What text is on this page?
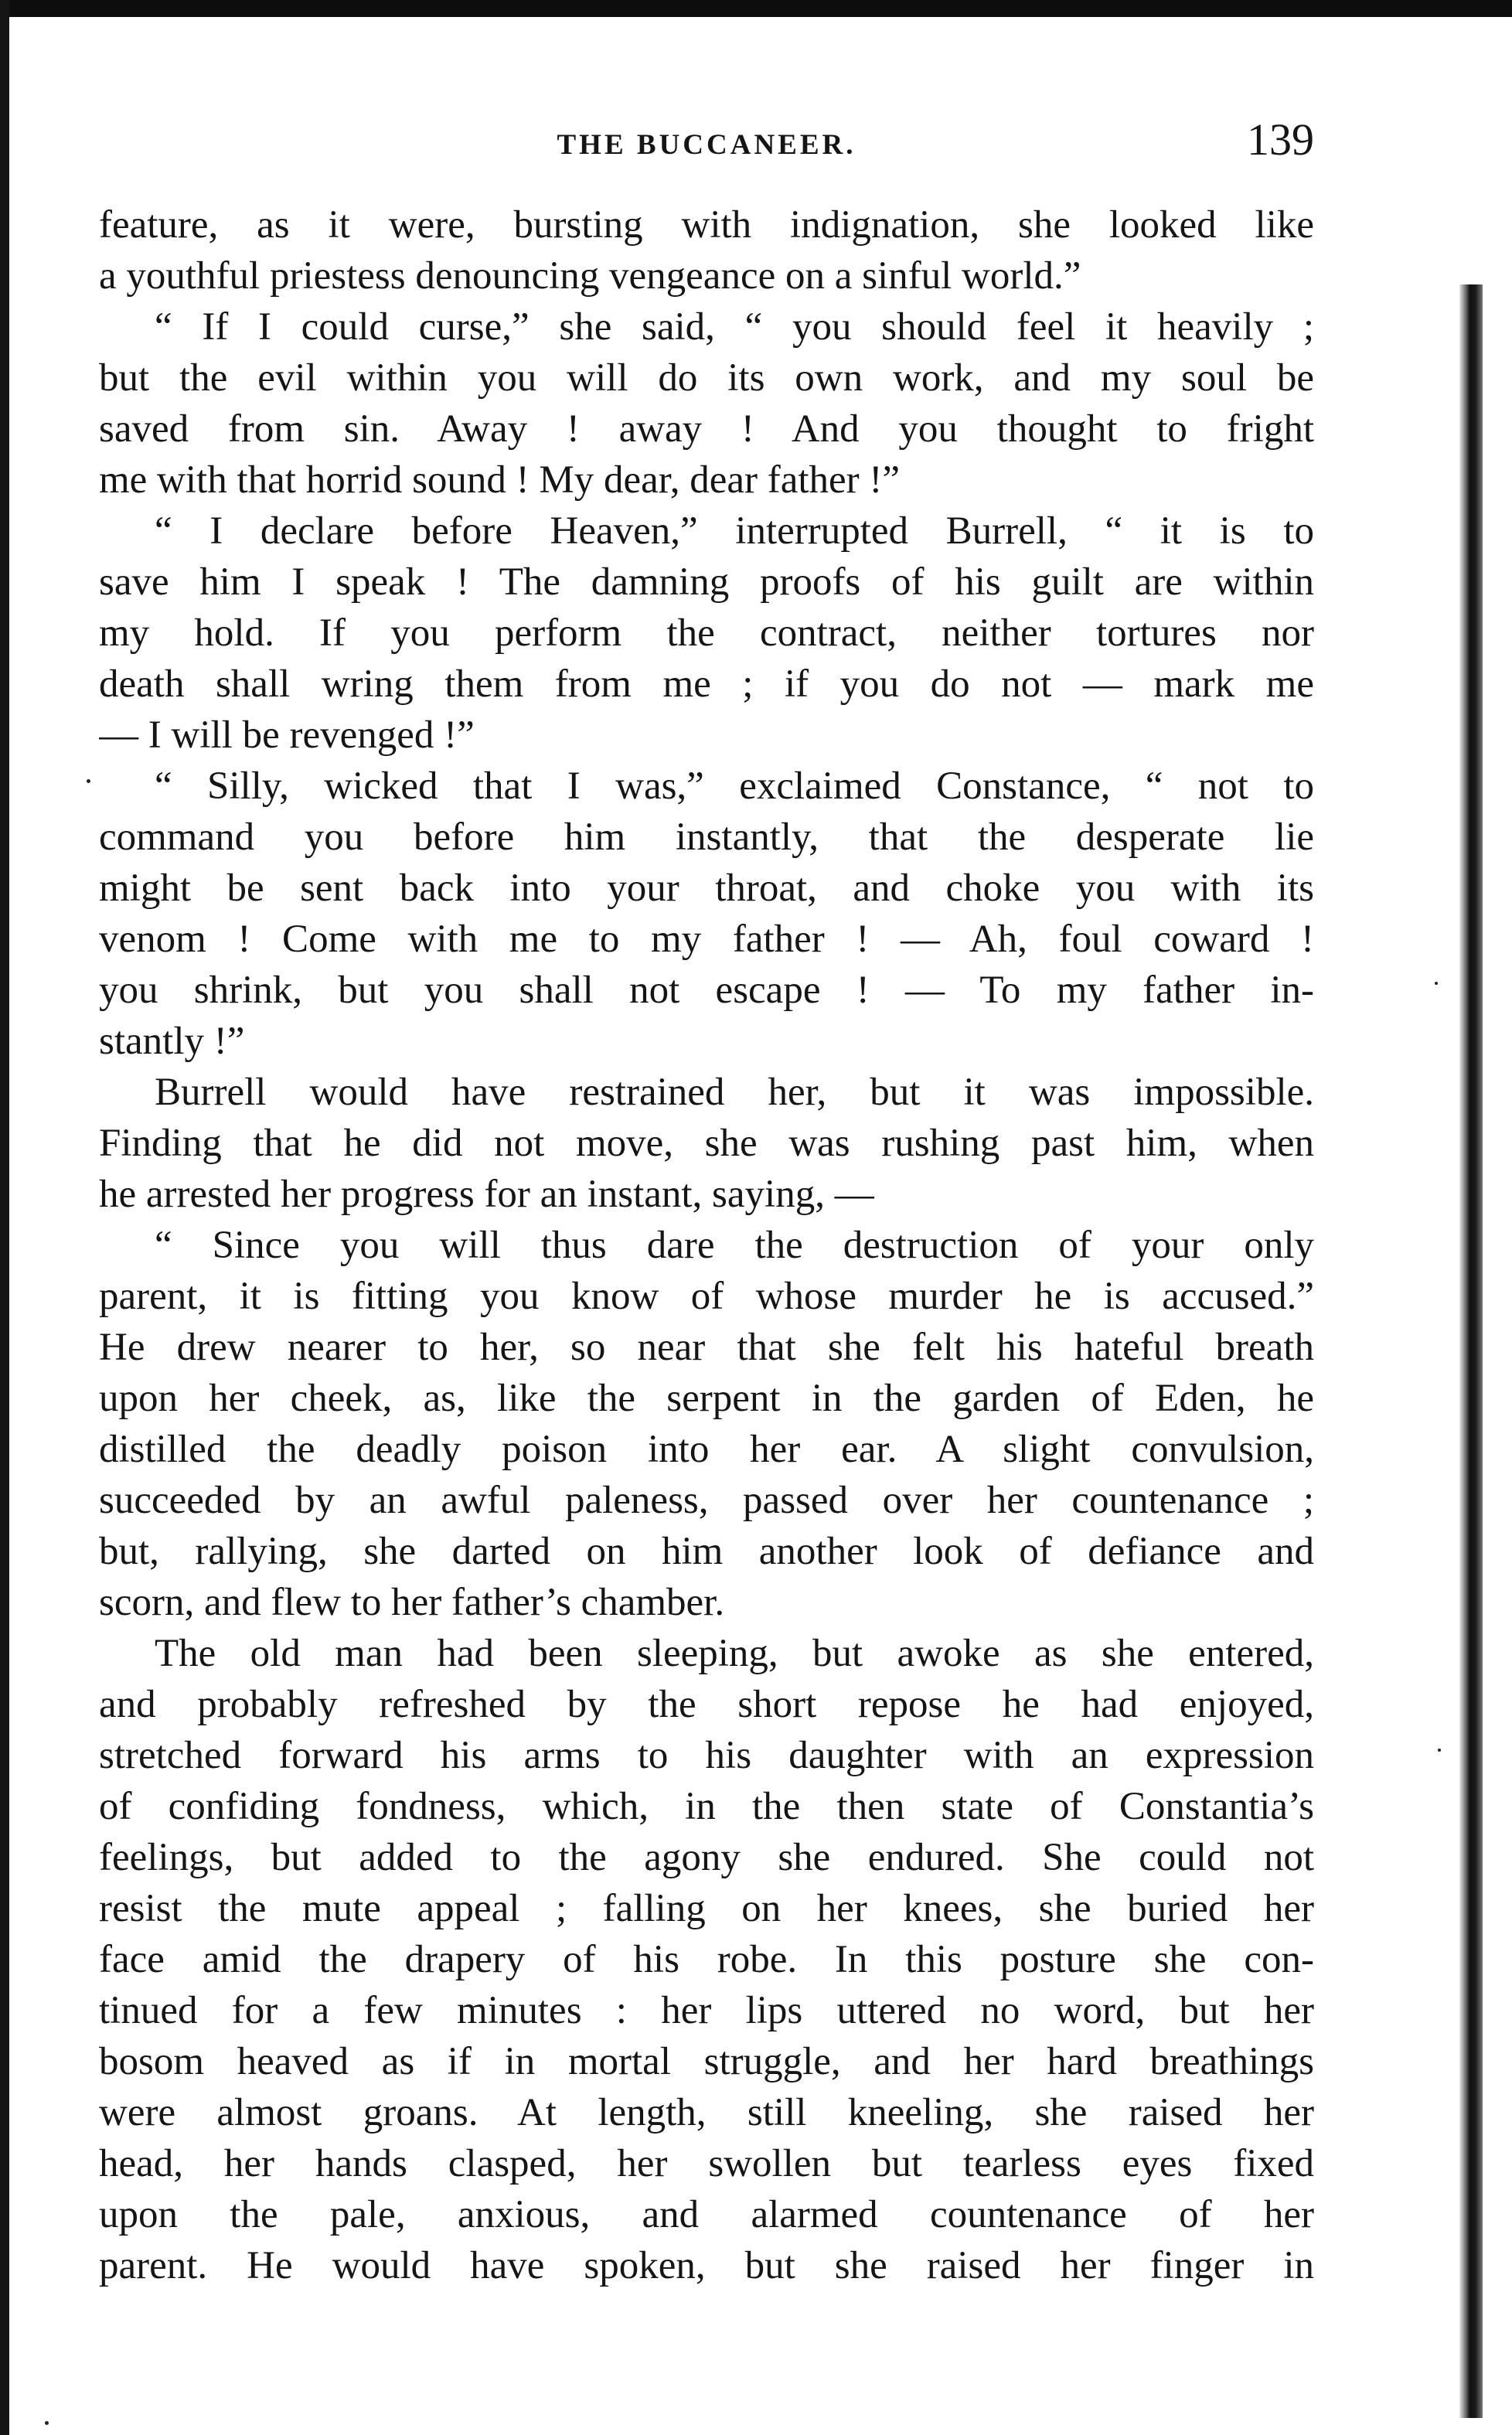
THE BUCCANEER.	139
feature, as it were, bursting with indignation, she looked like
a youthful priestess denouncing vengeance on a sinful world.”
“ If I could curse,” she said, “ you should feel it heavily ;
but the evil within you will do its own work, and my soul be
saved from sin. Away ! away ! And you thought to fright
me with that horrid sound ! My dear, dear father !”
“ I declare before Heaven,” interrupted Burrell, “ it is to
save him I speak ! The damning proofs of his guilt are within
my hold. If you perform the contract, neither tortures nor
death shall wring them from me ; if you do not — mark me
— I will be revenged !”
“ Silly, wicked that I was,” exclaimed Constance, “ not to
command you before him instantly, that the desperate lie
might be sent back into your throat, and choke you with its
venom ! Come with me to my father ! — Ah, foul coward !
you shrink, but you shall not escape ! — To my father in-
stantly !”
Burrell would have restrained her, but it was impossible.
Finding that he did not move, she was rushing past him, when
he arrested her progress for an instant, saying, —
“ Since you will thus dare the destruction of your only
parent, it is fitting you know of whose murder he is accused.”
He drew nearer to her, so near that she felt his hateful breath
upon her cheek, as, like the serpent in the garden of Eden, he
distilled the deadly poison into her ear. A slight convulsion,
succeeded by an awful paleness, passed over her countenance ;
but, rallying, she darted on him another look of defiance and
scorn, and flew to her father’s chamber.
The old man had been sleeping, but awoke as she entered,
and probably refreshed by the short repose he had enjoyed,
stretched forward his arms to his daughter with an expression
of confiding fondness, which, in the then state of Constantia’s
feelings, but added to the agony she endured. She could not
resist the mute appeal ; falling on her knees, she buried her
face amid the drapery of his robe. In this posture she con-
tinued for a few minutes : her lips uttered no word, but her
bosom heaved as if in mortal struggle, and her hard breathings
were almost groans. At length, still kneeling, she raised her
head, her hands clasped, her swollen but tearless eyes fixed
upon the pale, anxious, and alarmed countenance of her
parent. He would have spoken, but she raised her finger in
